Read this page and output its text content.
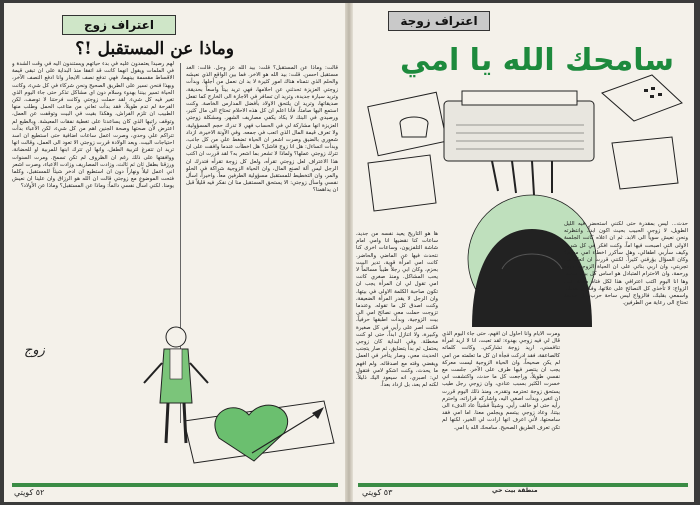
اعتراف زوج
وماذا عن المستقبل !؟
لهم رصيداً يعتمدون عليه في بدء حياتهم ويستندون اليه في وقت الشدة و في الملمات ويقول انهما كانت قد اتفقا منذ البداية على ان تبقى قيمة الاقساط مقسمة بينهما، فهي تدفع نصف الايجار وانا ادفع النصف الآخر، وبهذا فنحن نسير على الطريق الصحيح ونحن شركاء في كل شيء، وكانت الحياة تسير بيننا بهدوء وسلام دون اي مشاكل تذكر حتى جاء اليوم الذي تغير فيه كل شيء. لقد حملت زوجتي وكانت فرحتنا لا توصف، لكن الفرحة لم تدم طويلاً، فقد بدأت تعاني من متاعب الحمل وطلب منها الطبيب ان تلزم الفراش، وهكذا بقيت في البيت وتوقفت عن العمل، وتوقف راتبها الذي كان يساعدنا على تغطية نفقات المعيشة. وبالطبع لم اعترض لأن صحتها وصحة الجنين اهم من كل شيء، لكن الأعباء بدأت تتراكم علي وحدي، وصرت اعمل ساعات اضافية حتى استطيع ان اسد احتياجات البيت. وبعد الولادة قررت زوجتي الا تعود الى العمل، وقالت انها تريد ان تتفرغ لتربية الطفل، وانها لن تترك ابنها للمربية او للحضانة، ووافقتها على ذلك رغم ان الظروف لم تكن تسمح. ومرت السنوات ورزقنا بطفل ثان ثم ثالث، وزادت المصاريف وزادت الاعباء، وصرت اشعر اني اعمل ليلاً ونهاراً دون ان استطيع ان ادخر شيئاً للمستقبل، وكلما فتحت الموضوع مع زوجتي قالت ان الله هو الرزاق وان علينا ان نعيش يومنا. لكني اسأل نفسي دائماً: وماذا عن المستقبل؟ وماذا عن الأولاد؟
قالت: وماذا عن المستقبل؟ قلت: بيد الله عز وجل. قالت: الغد مستقبل احسن. قلت: بيد الله هو الاخر. فما بين الواقع الذي نعيشه والحلم الذي نتمناه هناك امور كثيرة لا بد ان نعمل من أجلها. وبدأت زوجتي العزيزة تحدثني عن احلامها، فهي تريد بيتاً واسعاً بحديقة، وتريد سيارة جديدة، وتريد ان تسافر في الاجازة الى الخارج كما تفعل صديقاتها، وتريد ان يلتحق الاولاد بأفضل المدارس الخاصة. وكنت استمع اليها صامتاً، فأنا اعلم ان كل هذه الاحلام تحتاج الى مال كثير، ورصيدي في البنك لا يكاد يكفي مصاريف الشهر. ومشكلة زوجتي العزيزة انها مشاركة لي في الحساب فهي لا تدرك حجم المسؤولية، ولا تعرف قيمة المال الذي اتعب في جمعه. وفي الآونة الاخيرة، ازداد شعوري بالضيق وصرت اشعر ان الحياة تضغط علي من كل جانب، وبدأت اتساءل: هل انا زوج فاشل؟ هل اخطأت عندما وافقت على ان تترك زوجتي عملها؟ ولماذا لا تشعر بما اشعر به؟ لقد قررت ان اكتب هذا الاعتراف لعل زوجتي تقرأه، ولعل كل زوجة تقرأه فتدرك ان الرجل ليس آلة لصنع المال، وان الحياة الزوجية شراكة في الحلو والمر، وان التخطيط للمستقبل مسؤولية الطرفين معاً. واخيراً، اسأل نفسي واسأل زوجتي: الا يستحق المستقبل منا ان نفكر فيه قليلاً قبل ان يداهمنا؟
زوج
٥٢ كويتي
اعتراف زوجة
سامحك الله يا امي
ها هو التاريخ يعيد نفسه من جديد، ساعات كنا نقضيها انا وامي امام شاشة التلفزيون، وساعات اخرى كنا نتحدث فيها عن الماضي والحاضر. كانت امي امرأة قوية، تدير البيت بحزم، وكان ابي رجلاً طيباً مسالماً لا يحب المشاكل. ومنذ صغري كانت امي تقول لي ان المرأة يجب ان تكون صاحبة الكلمة الاولى في بيتها، وان الرجل لا يقدر المرأة الضعيفة، وكنت اصدق كل ما تقوله. وعندما تزوجت حملت معي نصائح امي الى بيت الزوجية، وبدأت اطبقها حرفياً، فكنت اصر على رأيي في كل صغيرة وكبيرة، ولا اتنازل ابداً، حتى لو كنت مخطئة. وفي البداية كان زوجي يحتمل، ثم بدأ يتضايق، ثم صار يتجنب الحديث معي، وصار يتأخر في العمل ويقضي وقته مع اصدقائه. ولم افهم ما يحدث، وكنت اشكو لامي فتقول لي: اصبري، انه سيعود اليك ذليلاً. لكنه لم يعد، بل ازداد بعداً.
ومرت الايام وانا احاول ان افهم، حتى جاء اليوم الذي قال لي فيه زوجي بهدوء: لقد تعبت، انا لا اريد امرأة تنافسني، اريد زوجة تشاركني. وكانت كلماته كالصاعقة، فقد ادركت فجأة ان كل ما تعلمته من امي لم يكن صحيحاً، وان الحياة الزوجية ليست معركة يجب ان ينتصر فيها طرف على الآخر. جلست مع نفسي طويلاً، وراجعت كل ما حدث، واكتشفت اني خسرت الكثير بسبب عنادي، وان زوجي رجل طيب يستحق زوجة تحترمه وتقدره. ومنذ ذلك اليوم قررت ان اتغير، وبدأت اصغي اليه، واشاركه قراراته، واحترم رأيه حتى لو خالف رأيي. وشيئاً فشيئاً عاد الدفء الى بيتنا، وعاد زوجي يبتسم ويجلس معنا. اما امي فقد سامحتها، لأني اعرف انها ارادت لي الخير، لكنها لم تكن تعرف الطريق الصحيح. سامحك الله يا امي.
حدث... ليس بمقدرة حتى لكنني استحضر فيه الليل الطويل، لا زوجي الحبيب بحيث اكون ابداً. وانتظرته ونحن نعيش سوياً الى الابد. ثم ان اعلاه كانت الجلسة الاولى التي اصبحت فيها اماً، وكنت افكر في كل شيء، وكيف سأربي اطفالي، وهل سأكرر اخطاء امي معهم؟ وكان السؤال يؤرقني كثيراً. لكنني قررت ان اتعلم من تجربتي، وان اربي بناتي على ان الحياة الزوجية مودة ورحمة، وان الاحترام المتبادل هو اساس كل بيت سعيد. وها انا اليوم اكتب اعترافي هذا لكل فتاة مقبلة على الزواج: لا تأخذي كل النصائح على علاتها، وفكري بعقلك، واسمعي بقلبك، فالزواج ليس ساحة حرب، بل حديقة تحتاج الى رعاية من الطرفين.
منطقة بيت حي
٥٣ كويتي
